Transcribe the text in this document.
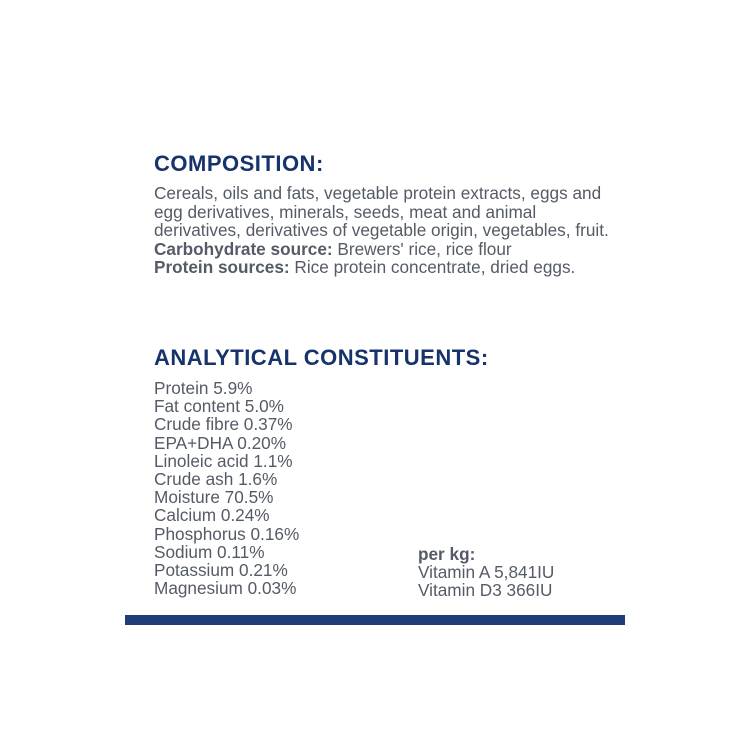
COMPOSITION:

Cereals, oils and fats, vegetable protein extracts, eggs and egg derivatives, minerals, seeds, meat and animal derivatives, derivatives of vegetable origin, vegetables, fruit.

Carbohydrate source: Brewers' rice, rice flour

Protein sources: Rice protein concentrate, dried eggs.

ANALYTICAL CONSTITUENTS:
Protein 5.9%
Fat content 5.0%
Crude fibre 0.37%
EPA+DHA 0.20%
Linoleic acid 1.1%
Crude ash 1.6%
Moisture 70.5%
Calcium 0.24%
Phosphorus 0.16%
Sodium 0.11%
Potassium 0.21%
Magnesium 0.03%
per kg:
Vitamin A 5,841IU
Vitamin D3 366IU
